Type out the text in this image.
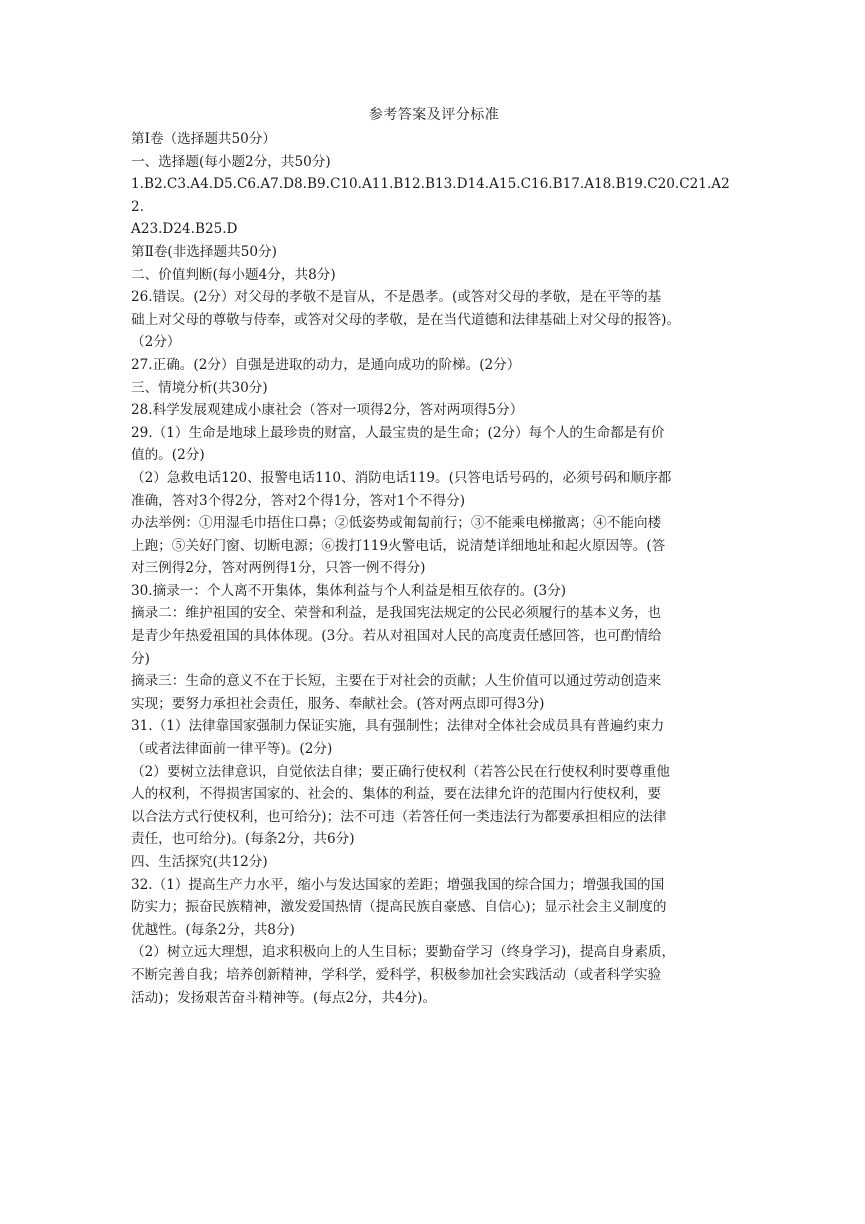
参考答案及评分标准
第Ⅰ卷（选择题共50分）
一、选择题(每小题2分，共50分)
1.B2.C3.A4.D5.C6.A7.D8.B9.C10.A11.B12.B13.D14.A15.C16.B17.A18.B19.C20.C21.A22.
A23.D24.B25.D
第Ⅱ卷(非选择题共50分)
二、价值判断(每小题4分，共8分)
26.错误。(2分）对父母的孝敬不是盲从，不是愚孝。(或答对父母的孝敬，是在平等的基
础上对父母的尊敬与侍奉，或答对父母的孝敬，是在当代道德和法律基础上对父母的报答)。
（2分）
27.正确。(2分）自强是进取的动力，是通向成功的阶梯。(2分）
三、情境分析(共30分)
28.科学发展观建成小康社会（答对一项得2分，答对两项得5分）
29.（1）生命是地球上最珍贵的财富，人最宝贵的是生命；(2分）每个人的生命都是有价
值的。(2分)
（2）急救电话120、报警电话110、消防电话119。(只答电话号码的，必须号码和顺序都
准确，答对3个得2分，答对2个得1分，答对1个不得分)
办法举例：①用湿毛巾捂住口鼻；②低姿势或匍匐前行；③不能乘电梯撤离；④不能向楼
上跑；⑤关好门窗、切断电源；⑥拨打119火警电话，说清楚详细地址和起火原因等。(答
对三例得2分，答对两例得1分，只答一例不得分)
30.摘录一：个人离不开集体，集体利益与个人利益是相互依存的。(3分)
摘录二：维护祖国的安全、荣誉和利益，是我国宪法规定的公民必须履行的基本义务，也
是青少年热爱祖国的具体体现。(3分。若从对祖国对人民的高度责任感回答，也可酌情给
分)
摘录三：生命的意义不在于长短，主要在于对社会的贡献；人生价值可以通过劳动创造来
实现；要努力承担社会责任，服务、奉献社会。(答对两点即可得3分)
31.（1）法律靠国家强制力保证实施，具有强制性；法律对全体社会成员具有普遍约束力
（或者法律面前一律平等)。(2分)
（2）要树立法律意识，自觉依法自律；要正确行使权利（若答公民在行使权利时要尊重他
人的权利，不得损害国家的、社会的、集体的利益，要在法律允许的范围内行使权利，要
以合法方式行使权利，也可给分)；法不可违（若答任何一类违法行为都要承担相应的法律
责任，也可给分)。(每条2分，共6分)
四、生活探究(共12分)
32.（1）提高生产力水平，缩小与发达国家的差距；增强我国的综合国力；增强我国的国
防实力；振奋民族精神，激发爱国热情（提高民族自豪感、自信心)；显示社会主义制度的
优越性。(每条2分，共8分)
（2）树立远大理想，追求积极向上的人生目标；要勤奋学习（终身学习)，提高自身素质，
不断完善自我；培养创新精神，学科学，爱科学，积极参加社会实践活动（或者科学实验
活动)；发扬艰苦奋斗精神等。(每点2分，共4分)。
